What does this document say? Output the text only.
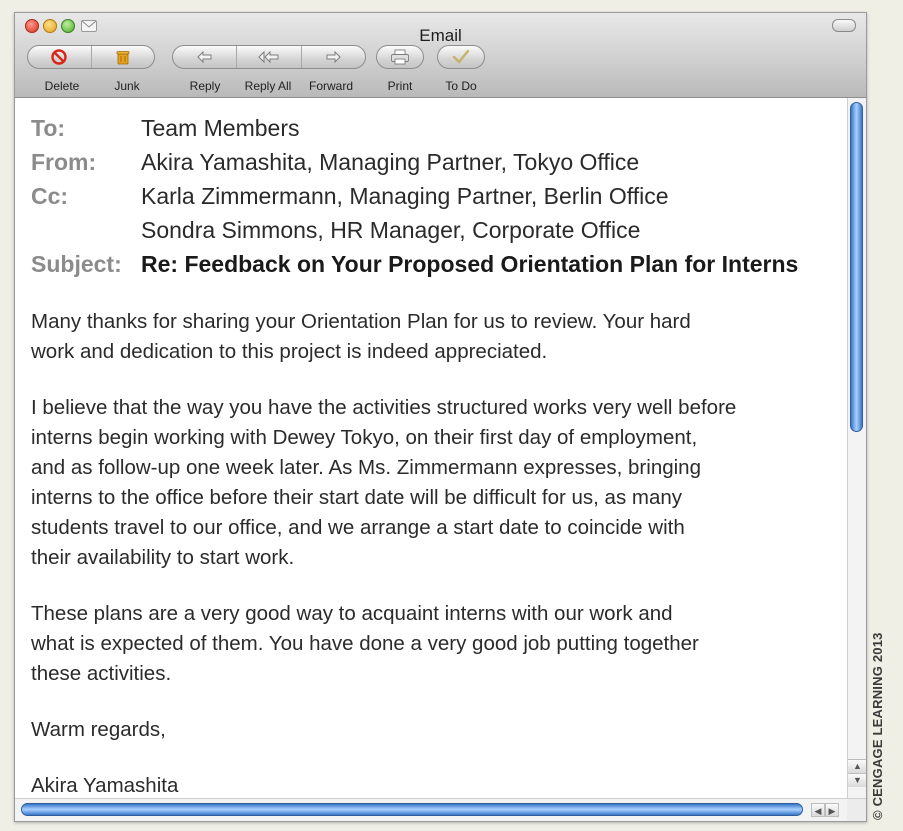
Email
Delete	Junk	Reply	Reply All	Forward	Print	To Do
To:	Team Members
From: Akira Yamashita, Managing Partner, Tokyo Office
Cc:	Karla Zimmermann, Managing Partner, Berlin Office
Sondra Simmons, HR Manager, Corporate Office
Subject: Re: Feedback on Your Proposed Orientation Plan for Interns
Many thanks for sharing your Orientation Plan for us to review. Your hard
work and dedication to this project is indeed appreciated.
I believe that the way you have the activities structured works very well before
interns begin working with Dewey Tokyo, on their first day of employment,
and as follow-up one week later. As Ms. Zimmermann expresses, bringing
interns to the office before their start date will be difficult for us, as many
students travel to our office, and we arrange a start date to coincide with
their availability to start work.
These plans are a very good way to acquaint interns with our work and
what is expected of them. You have done a very good job putting together
these activities.
Warm regards,
Akira Yamashita
▲
▼
◀ ▶	© CENGAGE LEARNING 2013
